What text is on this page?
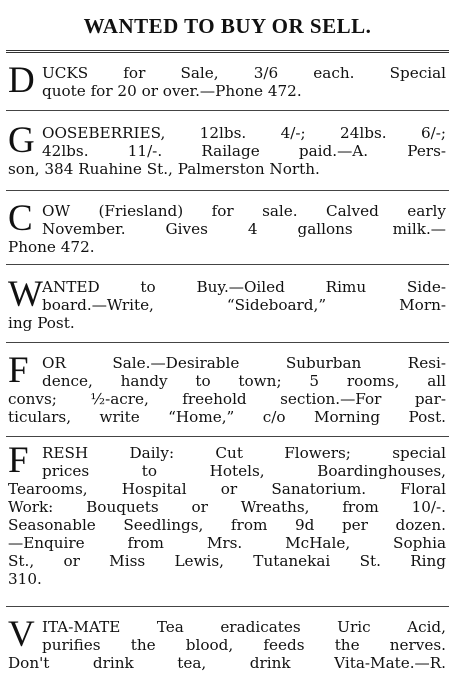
WANTED TO BUY OR SELL.
D UCKS for Sale, 3/6 each. Special
quote for 20 or over.—Phone 472.
G OOSEBERRIES, 12lbs. 4/-; 24lbs. 6/-;
42lbs. 11/-. Railage paid.—A. Pers-
son, 384 Ruahine St., Palmerston North.
C OW (Friesland) for sale. Calved early
November. Gives 4 gallons milk.—
Phone 472.
W ANTED to Buy.—Oiled Rimu Side-
board.—Write, “Sideboard,” Morn-
ing Post.
F OR Sale.—Desirable Suburban Resi-
dence, handy to town; 5 rooms, all
convs; ½-acre, freehold section.—For par-
ticulars, write “Home,” c/o Morning Post.
F RESH Daily: Cut Flowers; special
prices to Hotels, Boardinghouses,
Tearooms, Hospital or Sanatorium. Floral
Work: Bouquets or Wreaths, from 10/-.
Seasonable Seedlings, from 9d per dozen.
—Enquire from Mrs. McHale, Sophia
St., or Miss Lewis, Tutanekai St. Ring
310.
V ITA-MATE Tea eradicates Uric Acid,
purifies the blood, feeds the nerves.
Don't drink tea, drink Vita-Mate.—R.
